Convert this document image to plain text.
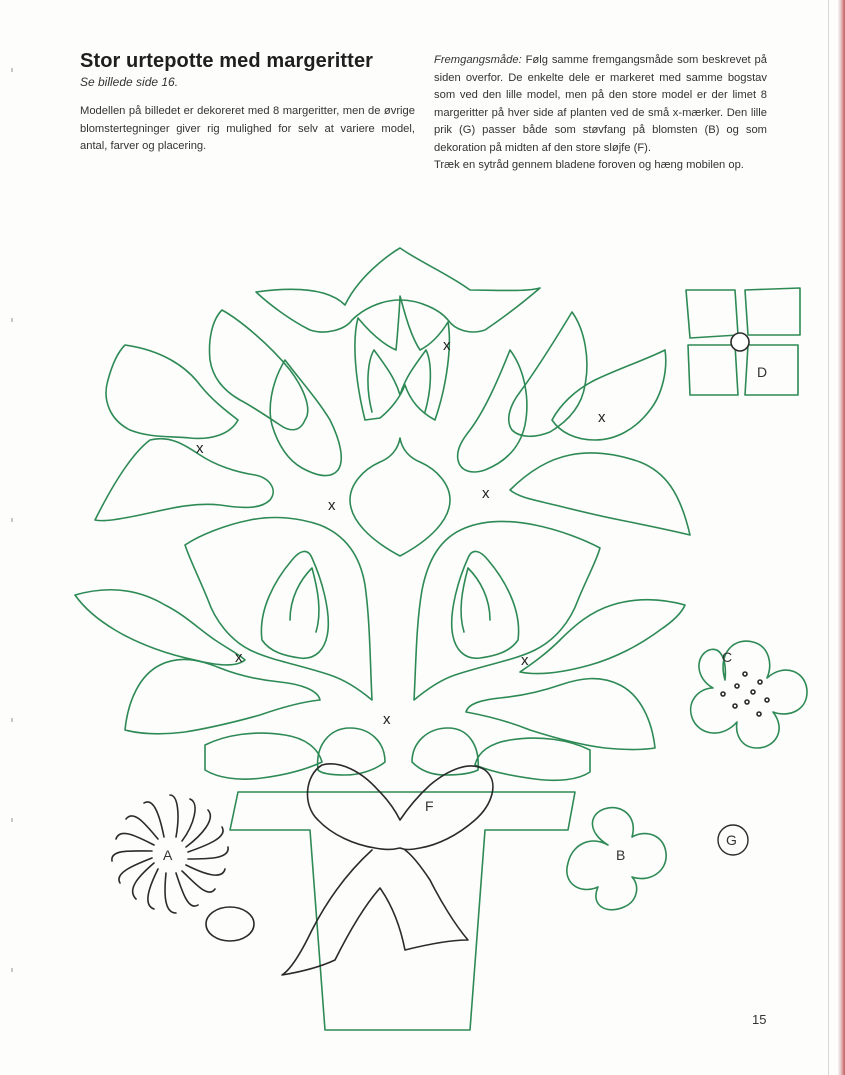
Stor urtepotte med margeritter

Se billede side 16.

Modellen på billedet er dekoreret med 8 margeritter, men de øvrige blomstertegninger giver rig mulighed for selv at variere model, antal, farver og placering.

Fremgangsmåde: Følg samme fremgangsmåde som beskrevet på siden overfor. De enkelte dele er markeret med samme bogstav som ved den lille model, men på den store model er der limet 8 margeritter på hver side af planten ved de små x-mærker. Den lille prik (G) passer både som støvfang på blomsten (B) og som dekoration på midten af den store sløjfe (F).

Træk en sytråd gennem bladene foroven og hæng mobilen op.

A	B
C
D
G
F
x
x
x
x
x
x	x
x
15
